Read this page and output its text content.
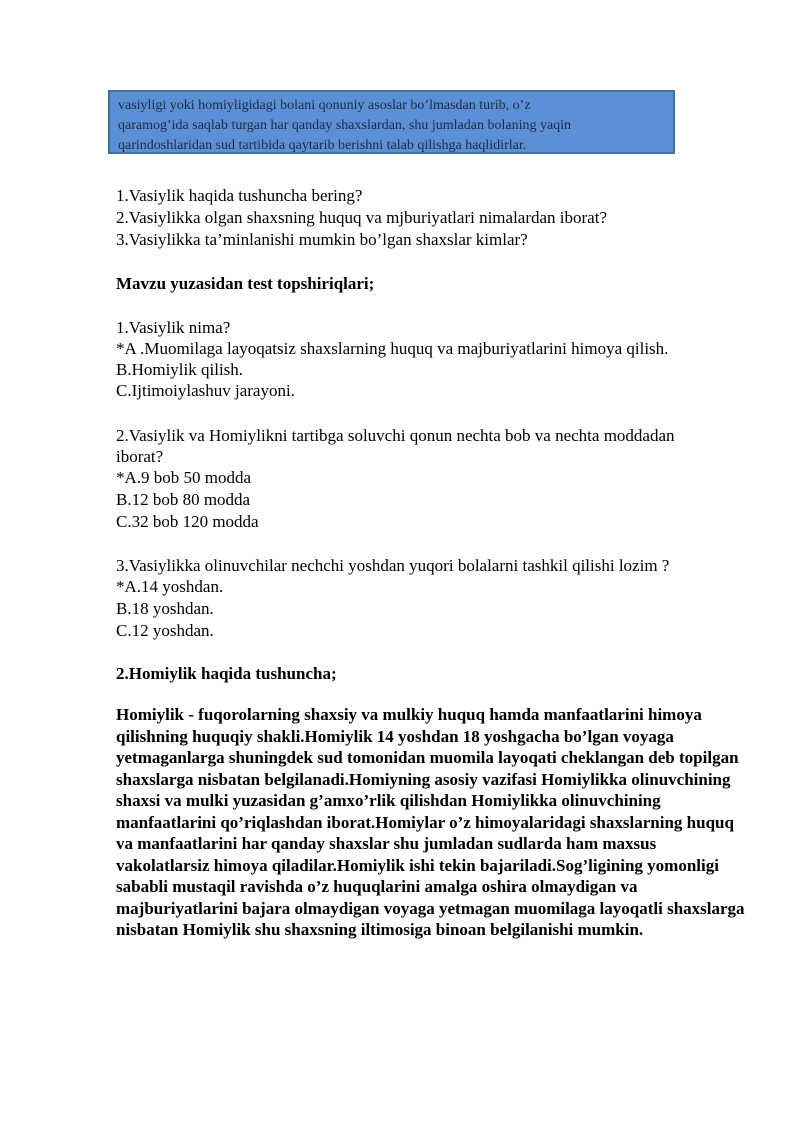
vasiyligi yoki homiyligidagi bolani qonuniy asoslar bo’lmasdan turib, o’z

qaramog’ida saqlab turgan har qanday shaxslardan, shu jumladan bolaning yaqin

qarindoshlaridan sud tartibida qaytarib berishni talab qilishga haqlidirlar.

1.Vasiylik haqida tushuncha bering?
2.Vasiylikka olgan shaxsning huquq va mjburiyatlari nimalardan iborat?
3.Vasiylikka ta’minlanishi mumkin bo’lgan shaxslar kimlar?
Mavzu yuzasidan test topshiriqlari;
1.Vasiylik nima?
*A .Muomilaga layoqatsiz shaxslarning huquq va majburiyatlarini himoya qilish.
B.Homiylik qilish.
C.Ijtimoiylashuv jarayoni.
2.Vasiylik va Homiylikni tartibga soluvchi qonun nechta bob va nechta moddadan
iborat?
*A.9 bob 50 modda
B.12 bob 80 modda
C.32 bob 120 modda
3.Vasiylikka olinuvchilar nechchi yoshdan yuqori bolalarni tashkil qilishi lozim ?
*A.14 yoshdan.
B.18 yoshdan.
C.12 yoshdan.
2.Homiylik haqida tushuncha;
Homiylik - fuqorolarning shaxsiy va mulkiy huquq hamda manfaatlarini himoya qilishning huquqiy shakli.Homiylik 14 yoshdan 18 yoshgacha bo’lgan voyaga yetmaganlarga shuningdek sud tomonidan muomila layoqati cheklangan deb topilgan shaxslarga nisbatan belgilanadi.Homiyning asosiy vazifasi Homiylikka olinuvchining shaxsi va mulki yuzasidan g’amxo’rlik qilishdan Homiylikka olinuvchining manfaatlarini qo’riqlashdan iborat.Homiylar o’z himoyalaridagi shaxslarning huquq va manfaatlarini har qanday shaxslar shu jumladan sudlarda ham maxsus vakolatlarsiz himoya qiladilar.Homiylik ishi tekin bajariladi.Sog’ligining yomonligi sababli mustaqil ravishda o’z huquqlarini amalga oshira olmaydigan va majburiyatlarini bajara olmaydigan voyaga yetmagan muomilaga layoqatli shaxslarga nisbatan Homiylik shu shaxsning iltimosiga binoan belgilanishi mumkin.
